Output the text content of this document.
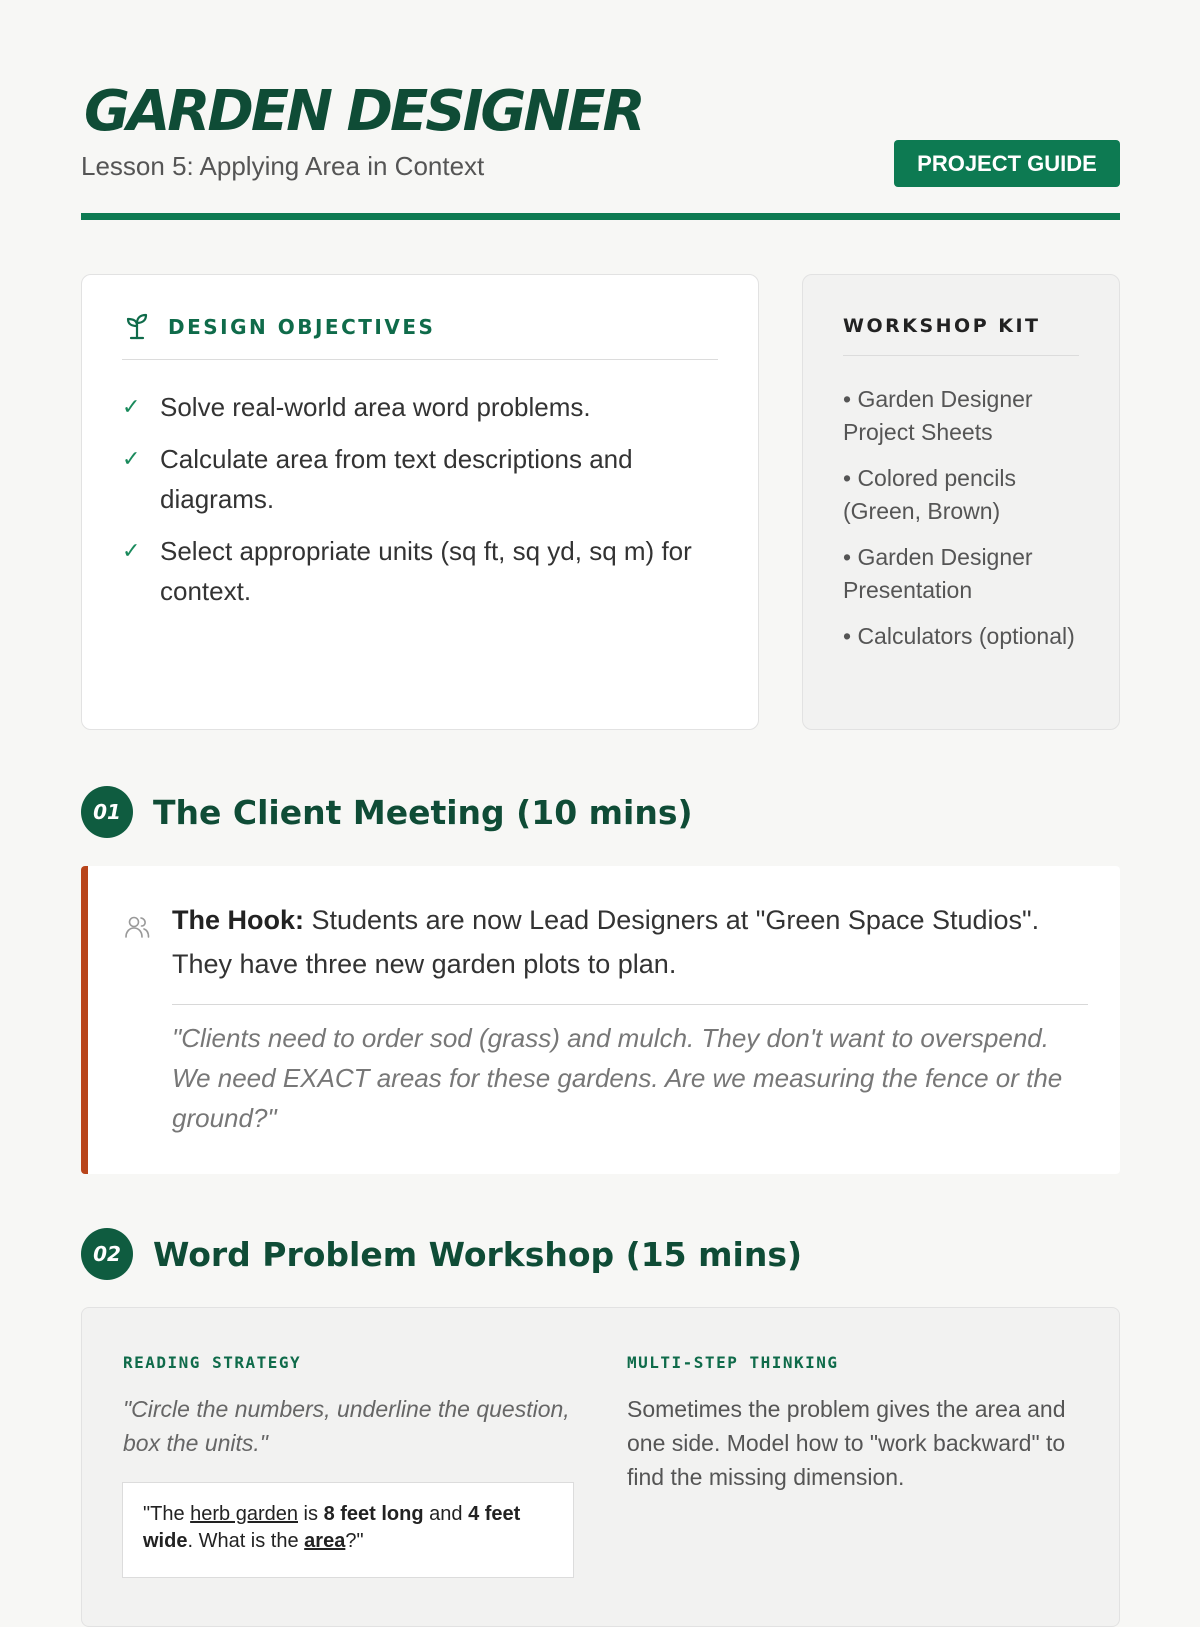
GARDEN DESIGNER

Lesson 5: Applying Area in Context	PROJECT GUIDE
DESIGN OBJECTIVES
✓ Solve real-world area word problems.
✓ Calculate area from text descriptions and diagrams.
✓ Select appropriate units (sq ft, sq yd, sq m) for context.
WORKSHOP KIT
• Garden Designer Project Sheets
• Colored pencils (Green, Brown)
• Garden Designer Presentation
• Calculators (optional)
01 The Client Meeting (10 mins)

The Hook: Students are now Lead Designers at "Green Space Studios". They have three new garden plots to plan.

"Clients need to order sod (grass) and mulch. They don't want to overspend. We need EXACT areas for these gardens. Are we measuring the fence or the ground?"

02 Word Problem Workshop (15 mins)
READING STRATEGY

"Circle the numbers, underline the question, box the units."

"The herb garden is 8 feet long and 4 feet wide. What is the area?"
MULTI-STEP THINKING

Sometimes the problem gives the area and one side. Model how to "work backward" to find the missing dimension.
